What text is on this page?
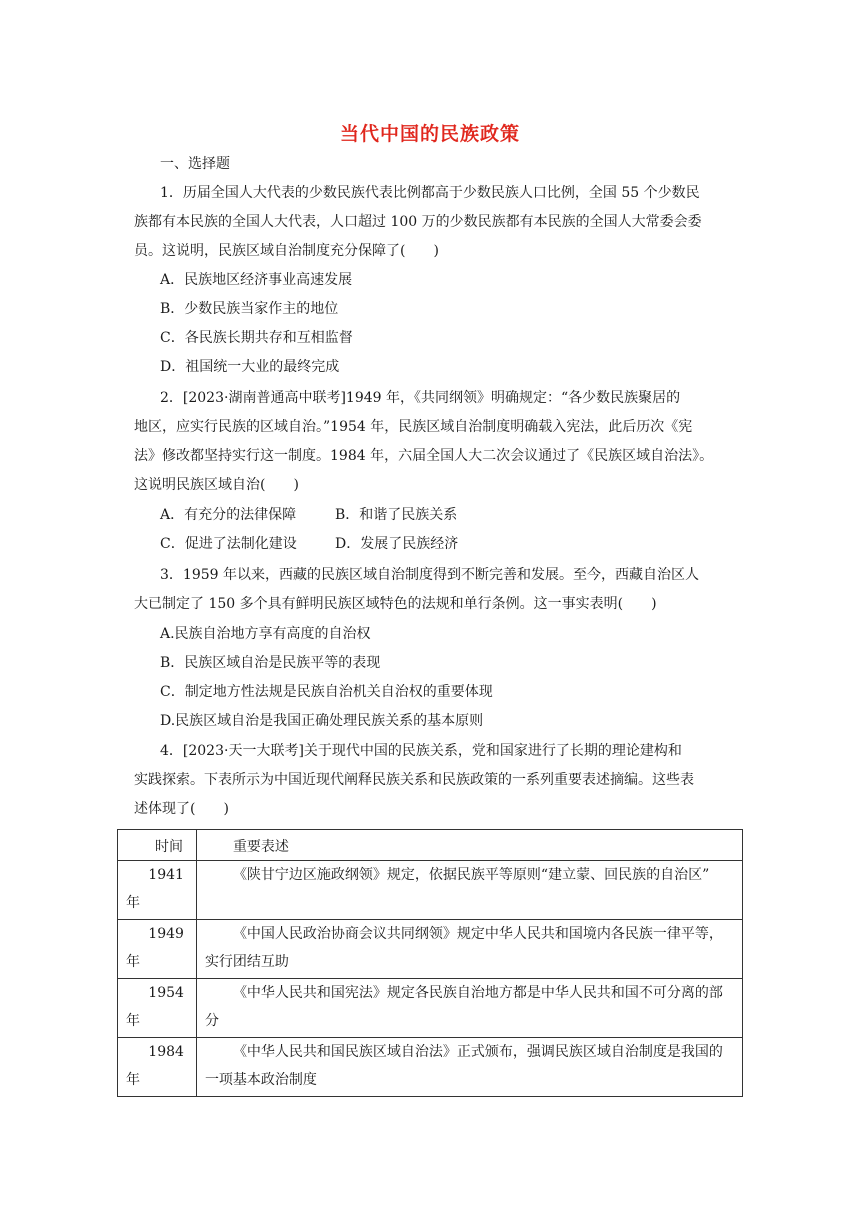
当代中国的民族政策
一、选择题
1．历届全国人大代表的少数民族代表比例都高于少数民族人口比例，全国 55 个少数民
族都有本民族的全国人大代表，人口超过 100 万的少数民族都有本民族的全国人大常委会委
员。这说明，民族区域自治制度充分保障了(　　)
A．民族地区经济事业高速发展
B．少数民族当家作主的地位
C．各民族长期共存和互相监督
D．祖国统一大业的最终完成
2．[2023·湖南普通高中联考]1949 年，《共同纲领》明确规定：“各少数民族聚居的
地区，应实行民族的区域自治。”1954 年，民族区域自治制度明确载入宪法，此后历次《宪
法》修改都坚持实行这一制度。1984 年，六届全国人大二次会议通过了《民族区域自治法》。
这说明民族区域自治(　　)
A．有充分的法律保障	B．和谐了民族关系
C．促进了法制化建设	D．发展了民族经济
3．1959 年以来，西藏的民族区域自治制度得到不断完善和发展。至今，西藏自治区人
大已制定了 150 多个具有鲜明民族区域特色的法规和单行条例。这一事实表明(　　)
A.民族自治地方享有高度的自治权
B．民族区域自治是民族平等的表现
C．制定地方性法规是民族自治机关自治权的重要体现
D.民族区域自治是我国正确处理民族关系的基本原则
4．[2023·天一大联考]关于现代中国的民族关系，党和国家进行了长期的理论建构和
实践探索。下表所示为中国近现代阐释民族关系和民族政策的一系列重要表述摘编。这些表
述体现了(　　)
时间	重要表述

1941
年	《陕甘宁边区施政纲领》规定，依据民族平等原则“建立蒙、回民族的自治区”

1949
年	《中国人民政治协商会议共同纲领》规定中华人民共和国境内各民族一律平等，实行团结互助

1954
年	《中华人民共和国宪法》规定各民族自治地方都是中华人民共和国不可分离的部分

1984
年	《中华人民共和国民族区域自治法》正式颁布，强调民族区域自治制度是我国的一项基本政治制度
